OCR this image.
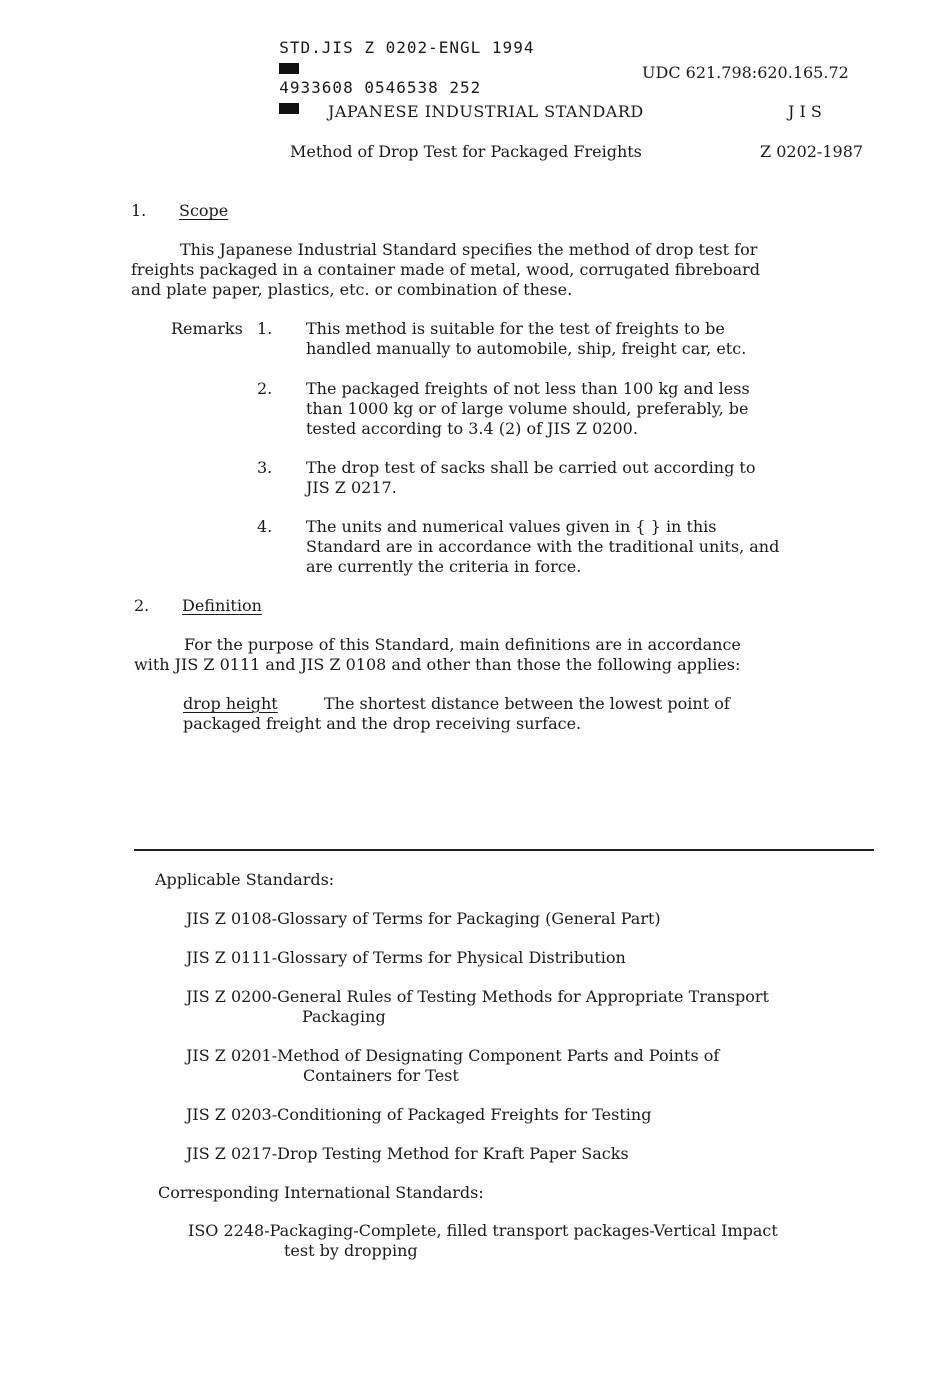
STD.JIS Z 0202-ENGL 1994

4933608 0546538 252

UDC 621.798:620.165.72
JAPANESE INDUSTRIAL STANDARD	J I S
Method of Drop Test for Packaged Freights	Z 0202-1987
1. Scope
This Japanese Industrial Standard specifies the method of drop test for
freights packaged in a container made of metal, wood, corrugated fibreboard
and plate paper, plastics, etc. or combination of these.
Remarks 1. This method is suitable for the test of freights to be
handled manually to automobile, ship, freight car, etc.
2. The packaged freights of not less than 100 kg and less
than 1000 kg or of large volume should, preferably, be
tested according to 3.4 (2) of JIS Z 0200.
3. The drop test of sacks shall be carried out according to
JIS Z 0217.
4. The units and numerical values given in { } in this
Standard are in accordance with the traditional units, and
are currently the criteria in force.
2. Definition
For the purpose of this Standard, main definitions are in accordance
with JIS Z 0111 and JIS Z 0108 and other than those the following applies:
drop height	The shortest distance between the lowest point of
packaged freight and the drop receiving surface.
Applicable Standards:
JIS Z 0108-Glossary of Terms for Packaging (General Part)
JIS Z 0111-Glossary of Terms for Physical Distribution
JIS Z 0200-General Rules of Testing Methods for Appropriate Transport
Packaging
JIS Z 0201-Method of Designating Component Parts and Points of
Containers for Test
JIS Z 0203-Conditioning of Packaged Freights for Testing
JIS Z 0217-Drop Testing Method for Kraft Paper Sacks
Corresponding International Standards:
ISO 2248-Packaging-Complete, filled transport packages-Vertical Impact
test by dropping
